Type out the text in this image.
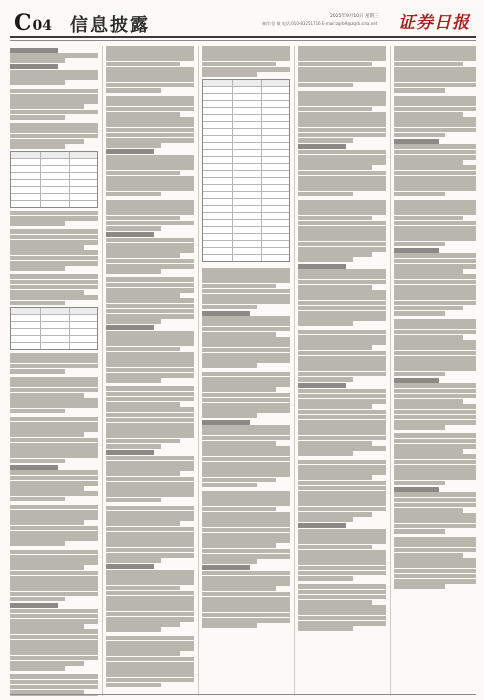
C04 信息披露	2025年9月10日 星期三
制作:张 敏 电话:010-83251716 E-mail:zqrb9@zqrb.sina.net 证券日报
